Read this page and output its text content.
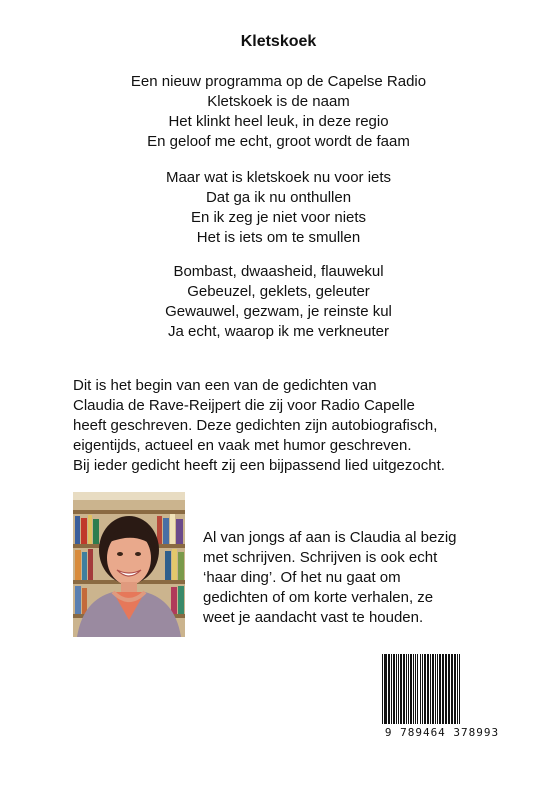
Kletskoek
Een nieuw programma op de Capelse Radio
Kletskoek is de naam
Het klinkt heel leuk, in deze regio
En geloof me echt, groot wordt de faam
Maar wat is kletskoek nu voor iets
Dat ga ik nu onthullen
En ik zeg je niet voor niets
Het is iets om te smullen
Bombast, dwaasheid, flauwekul
Gebeuzel, geklets, geleuter
Gewauwel, gezwam, je reinste kul
Ja echt, waarop ik me verkneuter
Dit is het begin van een van de gedichten van
Claudia de Rave-Reijpert die zij voor Radio Capelle
heeft geschreven. Deze gedichten zijn autobiografisch,
eigentijds, actueel en vaak met humor geschreven.
Bij ieder gedicht heeft zij een bijpassend lied uitgezocht.
Al van jongs af aan is Claudia al bezig
met schrijven. Schrijven is ook echt
‘haar ding’. Of het nu gaat om
gedichten of om korte verhalen, ze
weet je aandacht vast te houden.
9 789464 378993
